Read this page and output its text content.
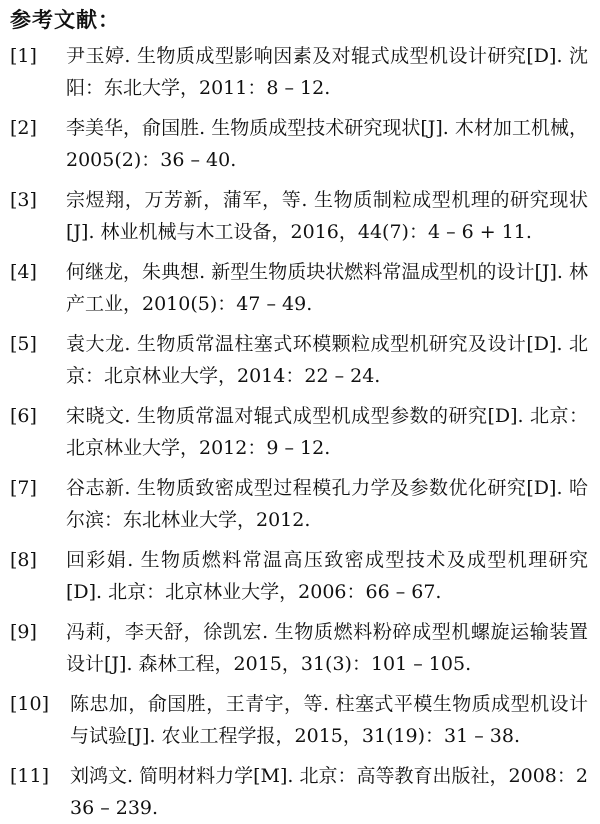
参考文献：
[1]	尹玉婷. 生物质成型影响因素及对辊式成型机设计研究[D]. 沈阳：东北大学，2011：8 – 12.
[2]	李美华，俞国胜. 生物质成型技术研究现状[J]. 木材加工机械，2005(2)：36 – 40.
[3]	宗煜翔，万芳新，蒲军，等. 生物质制粒成型机理的研究现状[J]. 林业机械与木工设备，2016，44(7)：4 – 6 + 11.
[4]	何继龙，朱典想. 新型生物质块状燃料常温成型机的设计[J]. 林产工业，2010(5)：47 – 49.
[5]	袁大龙. 生物质常温柱塞式环模颗粒成型机研究及设计[D]. 北京：北京林业大学，2014：22 – 24.
[6]	宋晓文. 生物质常温对辊式成型机成型参数的研究[D]. 北京：北京林业大学，2012：9 – 12.
[7]	谷志新. 生物质致密成型过程模孔力学及参数优化研究[D]. 哈尔滨：东北林业大学，2012.
[8]	回彩娟. 生物质燃料常温高压致密成型技术及成型机理研究[D]. 北京：北京林业大学，2006：66 – 67.
[9]	冯莉，李天舒，徐凯宏. 生物质燃料粉碎成型机螺旋运输装置设计[J]. 森林工程，2015，31(3)：101 – 105.
[10]	陈忠加，俞国胜，王青宇，等. 柱塞式平模生物质成型机设计与试验[J]. 农业工程学报，2015，31(19)：31 – 38.
[11]	刘鸿文. 简明材料力学[M]. 北京：高等教育出版社，2008：236 – 239.
